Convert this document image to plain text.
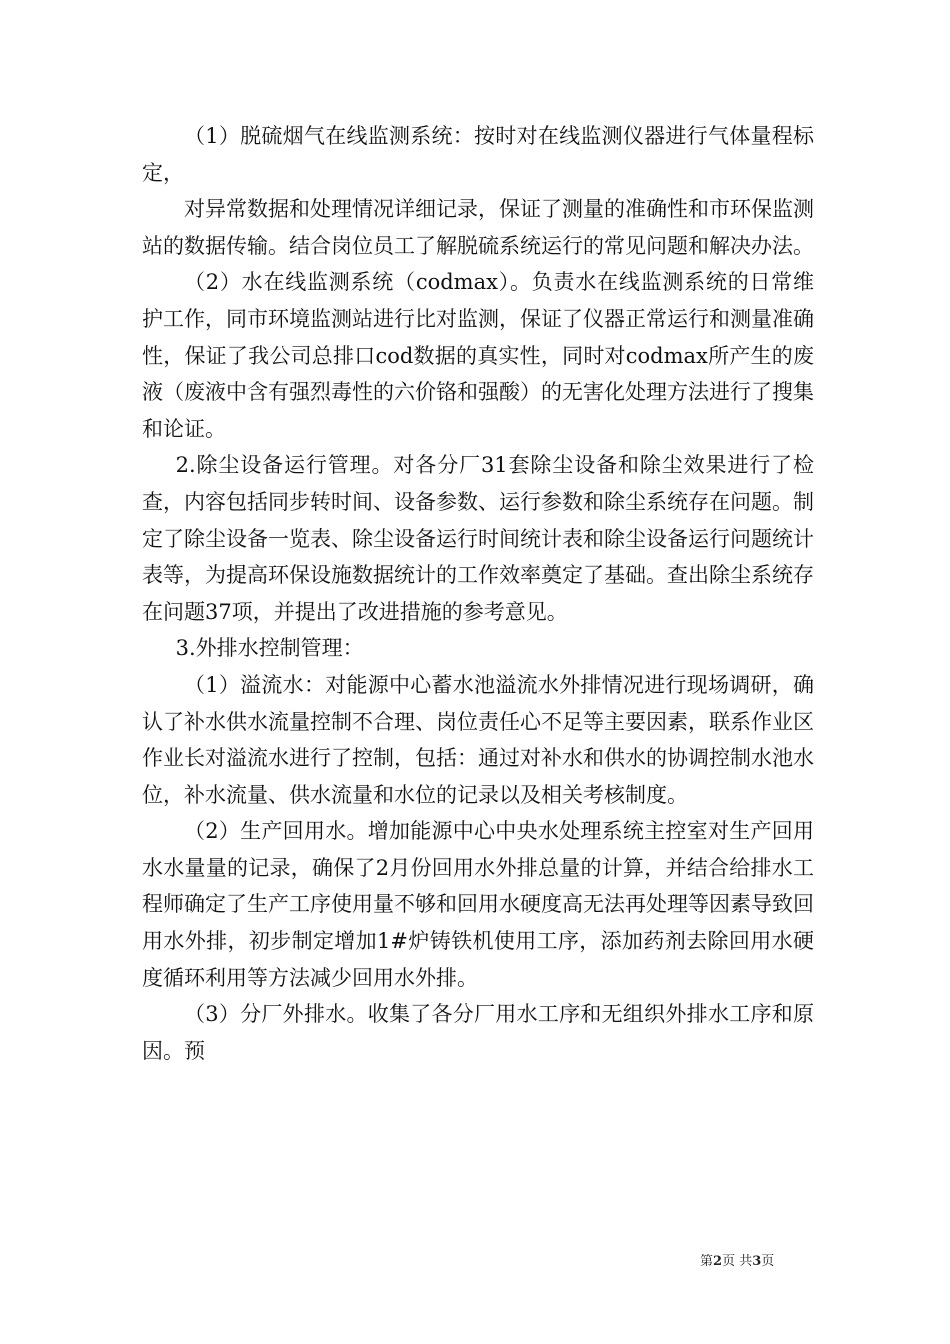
（1）脱硫烟气在线监测系统：按时对在线监测仪器进行气体量程标定，

对异常数据和处理情况详细记录，保证了测量的准确性和市环保监测站的数据传输。结合岗位员工了解脱硫系统运行的常见问题和解决办法。

（2）水在线监测系统（codmax）。负责水在线监测系统的日常维护工作，同市环境监测站进行比对监测，保证了仪器正常运行和测量准确性，保证了我公司总排口cod数据的真实性，同时对codmax所产生的废液（废液中含有强烈毒性的六价铬和强酸）的无害化处理方法进行了搜集和论证。

2.除尘设备运行管理。对各分厂31套除尘设备和除尘效果进行了检查，内容包括同步转时间、设备参数、运行参数和除尘系统存在问题。制定了除尘设备一览表、除尘设备运行时间统计表和除尘设备运行问题统计表等，为提高环保设施数据统计的工作效率奠定了基础。查出除尘系统存在问题37项，并提出了改进措施的参考意见。

3.外排水控制管理：

（1）溢流水：对能源中心蓄水池溢流水外排情况进行现场调研，确认了补水供水流量控制不合理、岗位责任心不足等主要因素，联系作业区作业长对溢流水进行了控制，包括：通过对补水和供水的协调控制水池水位，补水流量、供水流量和水位的记录以及相关考核制度。

（2）生产回用水。增加能源中心中央水处理系统主控室对生产回用水水量量的记录，确保了2月份回用水外排总量的计算，并结合给排水工程师确定了生产工序使用量不够和回用水硬度高无法再处理等因素导致回用水外排，初步制定增加1#炉铸铁机使用工序，添加药剂去除回用水硬度循环利用等方法减少回用水外排。

（3）分厂外排水。收集了各分厂用水工序和无组织外排水工序和原因。预

第2页 共3页
